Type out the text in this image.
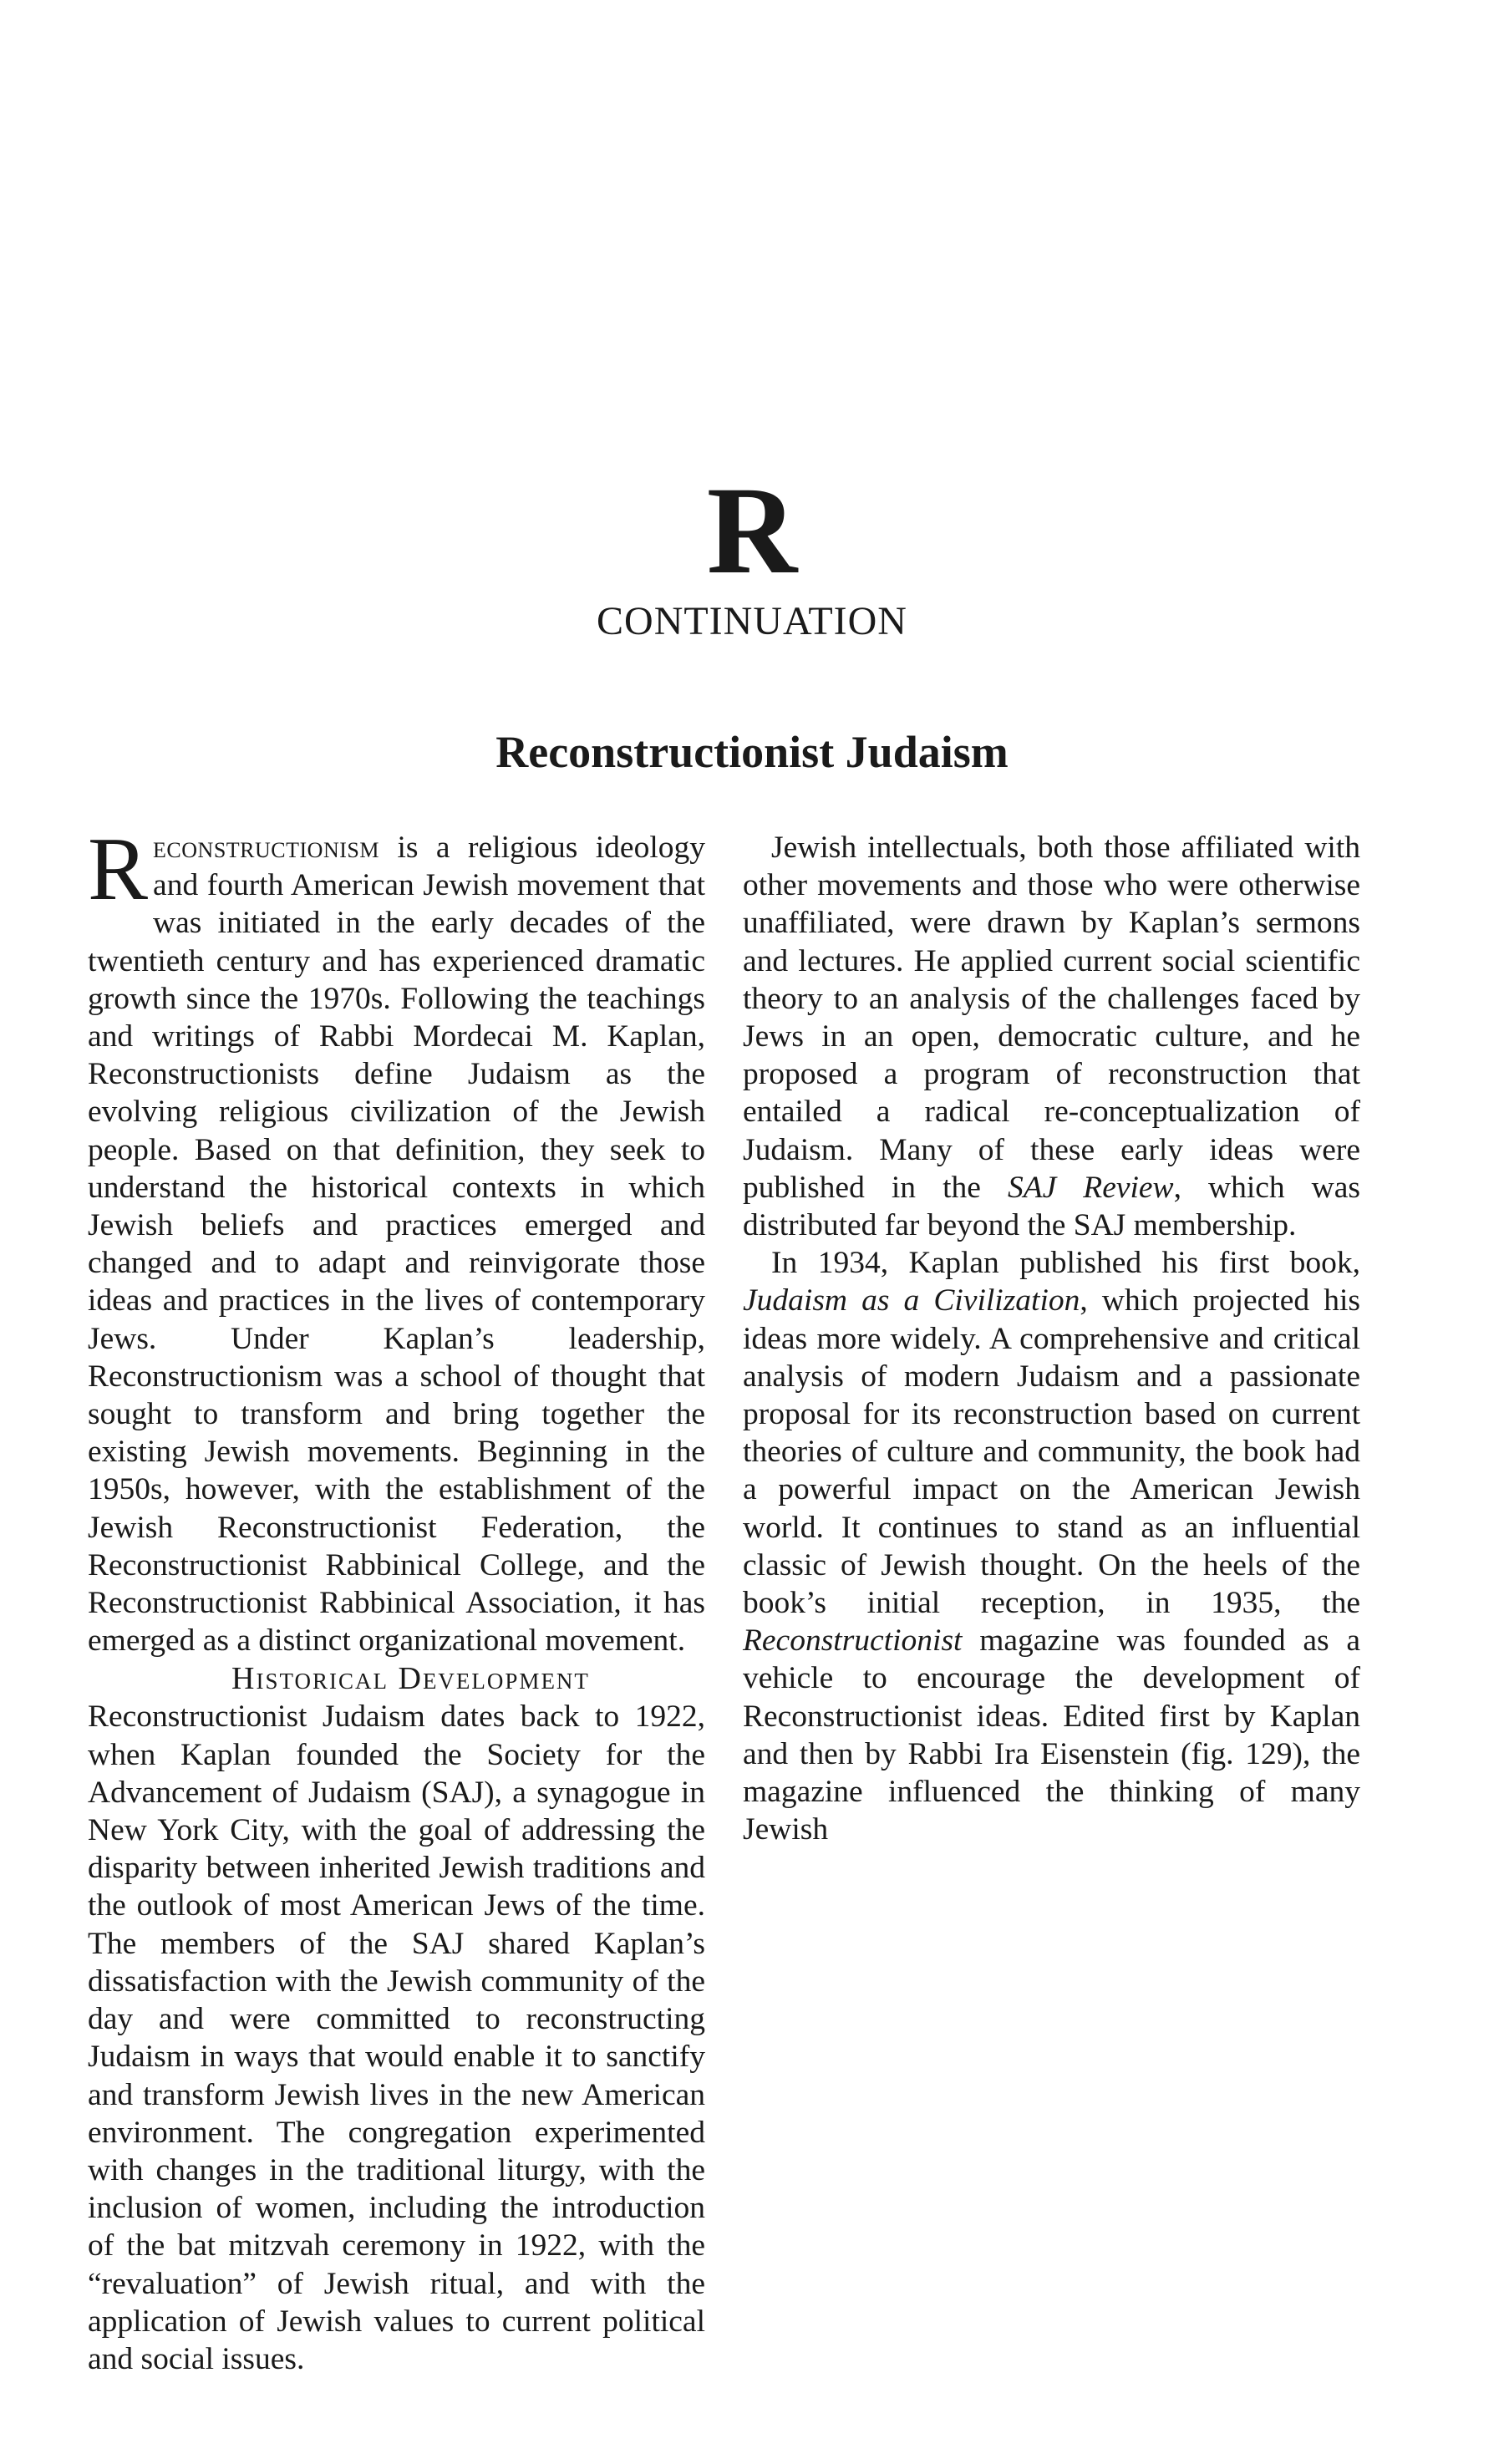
R
CONTINUATION
Reconstructionist Judaism

Reconstructionism is a religious ideology and fourth American Jewish movement that was initiated in the early decades of the twentieth century and has experienced dramatic growth since the 1970s. Following the teachings and writings of Rabbi Mordecai M. Kaplan, Reconstructionists define Judaism as the evolving religious civilization of the Jewish people. Based on that definition, they seek to understand the historical contexts in which Jewish beliefs and practices emerged and changed and to adapt and reinvigorate those ideas and practices in the lives of contemporary Jews. Under Kaplan’s leadership, Reconstructionism was a school of thought that sought to transform and bring together the existing Jewish movements. Beginning in the 1950s, however, with the establishment of the Jewish Reconstructionist Federation, the Reconstructionist Rabbinical College, and the Reconstructionist Rabbinical Association, it has emerged as a distinct organizational movement.

Historical Development

Reconstructionist Judaism dates back to 1922, when Kaplan founded the Society for the Advancement of Judaism (SAJ), a synagogue in New York City, with the goal of addressing the disparity between inherited Jewish traditions and the outlook of most American Jews of the time. The members of the SAJ shared Kaplan’s dissatisfaction with the Jewish community of the day and were committed to reconstructing Judaism in ways that would enable it to sanctify and transform Jewish lives in the new American environment. The congregation experimented with changes in the traditional liturgy, with the inclusion of women, including the introduction of the bat mitzvah ceremony in 1922, with the “revaluation” of Jewish ritual, and with the application of Jewish values to current political and social issues.

Jewish intellectuals, both those affiliated with other movements and those who were otherwise unaffiliated, were drawn by Kaplan’s sermons and lectures. He applied current social scientific theory to an analysis of the challenges faced by Jews in an open, democratic culture, and he proposed a program of reconstruction that entailed a radical re-conceptualization of Judaism. Many of these early ideas were published in the SAJ Review, which was distributed far beyond the SAJ membership.

In 1934, Kaplan published his first book, Judaism as a Civilization, which projected his ideas more widely. A comprehensive and critical analysis of modern Judaism and a passionate proposal for its reconstruction based on current theories of culture and community, the book had a powerful impact on the American Jewish world. It continues to stand as an influential classic of Jewish thought. On the heels of the book’s initial reception, in 1935, the Reconstructionist magazine was founded as a vehicle to encourage the development of Reconstructionist ideas. Edited first by Kaplan and then by Rabbi Ira Eisenstein (fig. 129), the magazine influenced the thinking of many Jewish
